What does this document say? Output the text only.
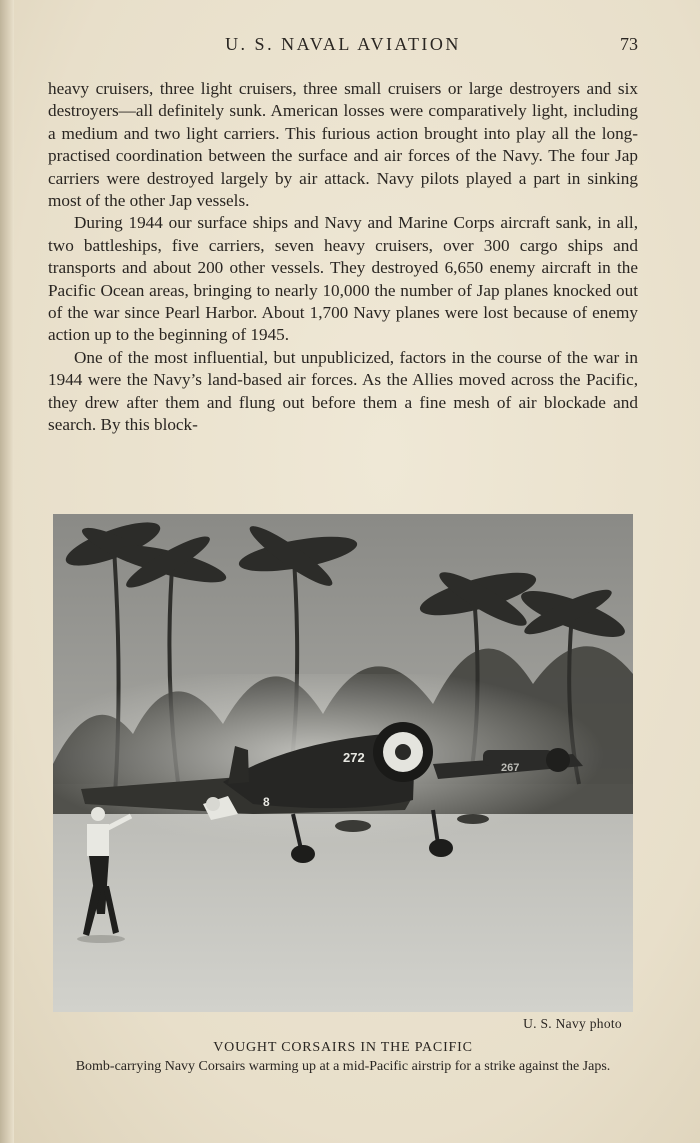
U. S. NAVAL AVIATION	73

heavy cruisers, three light cruisers, three small cruisers or large destroyers and six destroyers—all definitely sunk. American losses were comparatively light, including a medium and two light carriers. This furious action brought into play all the long-practised coordination between the surface and air forces of the Navy. The four Jap carriers were destroyed largely by air attack. Navy pilots played a part in sinking most of the other Jap vessels.

During 1944 our surface ships and Navy and Marine Corps aircraft sank, in all, two battleships, five carriers, seven heavy cruisers, over 300 cargo ships and transports and about 200 other vessels. They destroyed 6,650 enemy aircraft in the Pacific Ocean areas, bringing to nearly 10,000 the number of Jap planes knocked out of the war since Pearl Harbor. About 1,700 Navy planes were lost because of enemy action up to the beginning of 1945.

One of the most influential, but unpublicized, factors in the course of the war in 1944 were the Navy’s land-based air forces. As the Allies moved across the Pacific, they drew after them and flung out before them a fine mesh of air blockade and search. By this block-

272
267
8
U. S. Navy photo
VOUGHT CORSAIRS IN THE PACIFIC
Bomb-carrying Navy Corsairs warming up at a mid-Pacific airstrip for a strike against the Japs.
